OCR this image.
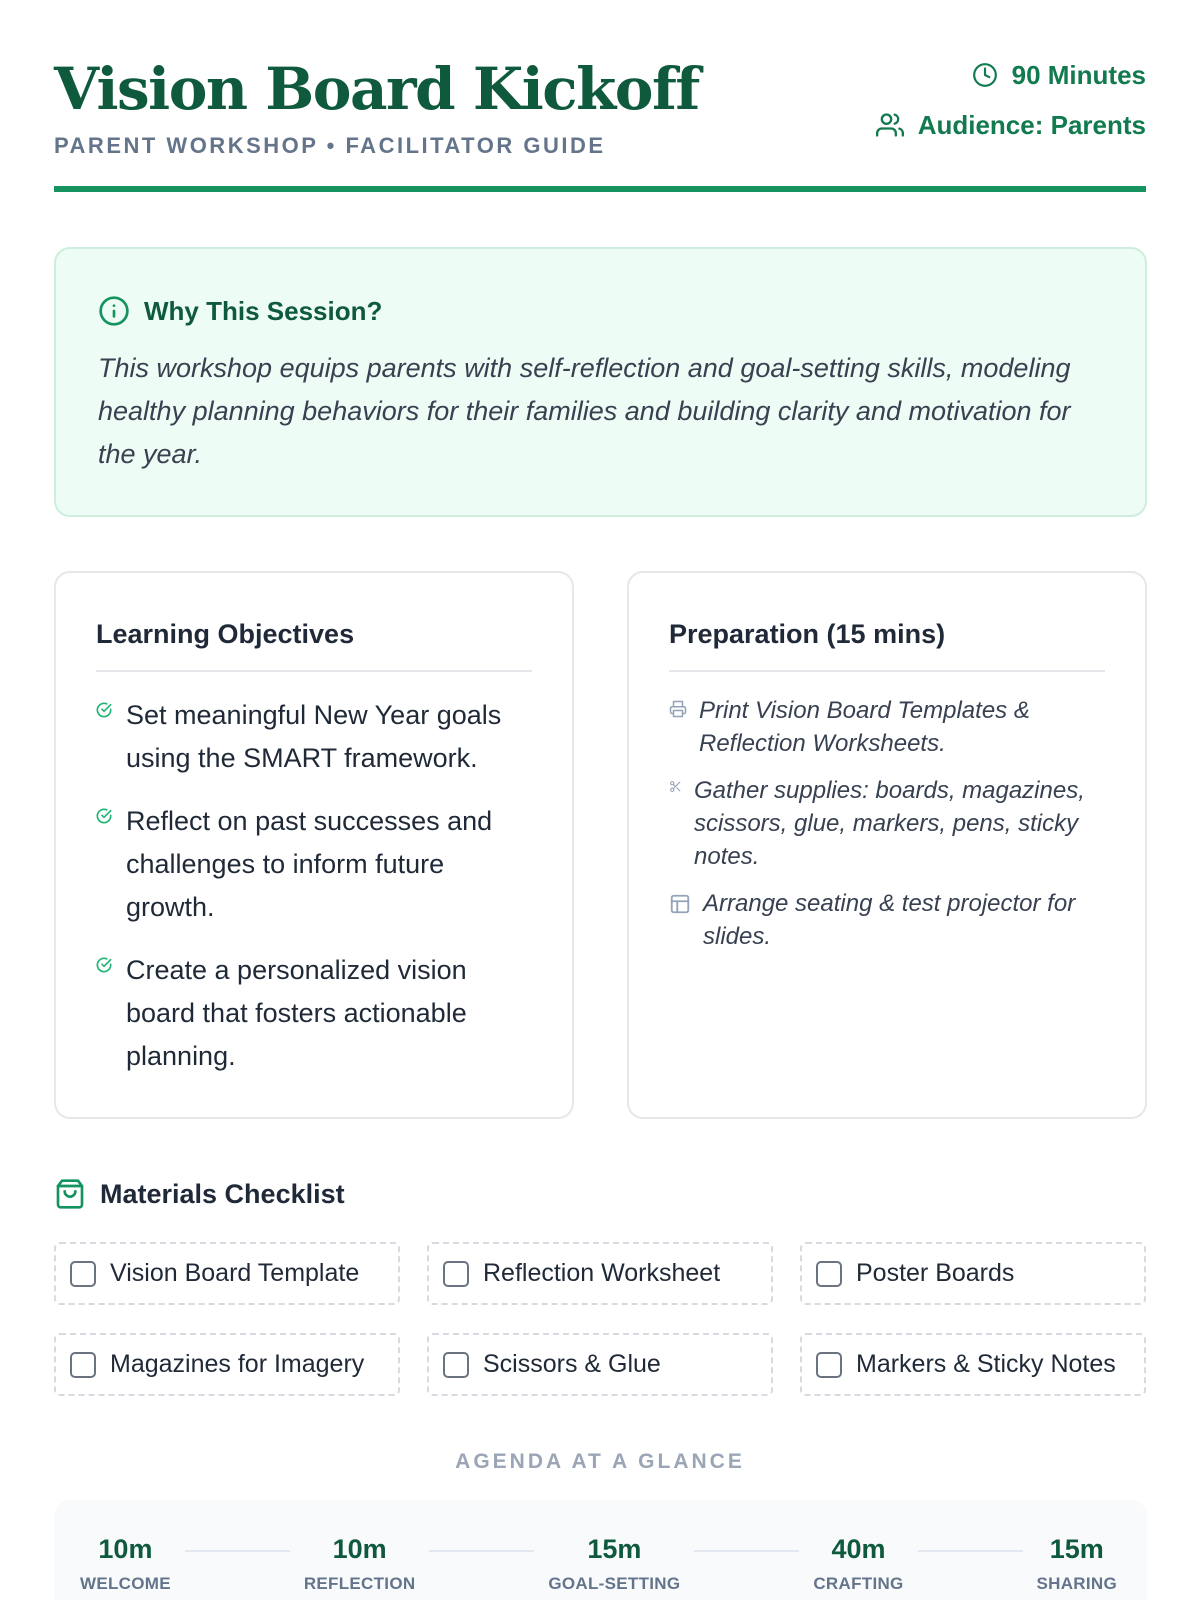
Vision Board Kickoff
PARENT WORKSHOP • FACILITATOR GUIDE
90 Minutes
Audience: Parents
Why This Session?

This workshop equips parents with self-reflection and goal-setting skills, modeling healthy planning behaviors for their families and building clarity and motivation for the year.

Learning Objectives
Set meaningful New Year goals using the SMART framework.
Reflect on past successes and challenges to inform future growth.
Create a personalized vision board that fosters actionable planning.
Preparation (15 mins)
Print Vision Board Templates & Reflection Worksheets.
Gather supplies: boards, magazines, scissors, glue, markers, pens, sticky notes.
Arrange seating & test projector for slides.
Materials Checklist
Vision Board Template	Reflection Worksheet	Poster Boards
Magazines for Imagery	Scissors & Glue	Markers & Sticky Notes
AGENDA AT A GLANCE
10m
WELCOME
10m
REFLECTION
15m
GOAL-SETTING
40m
CRAFTING
15m
SHARING
